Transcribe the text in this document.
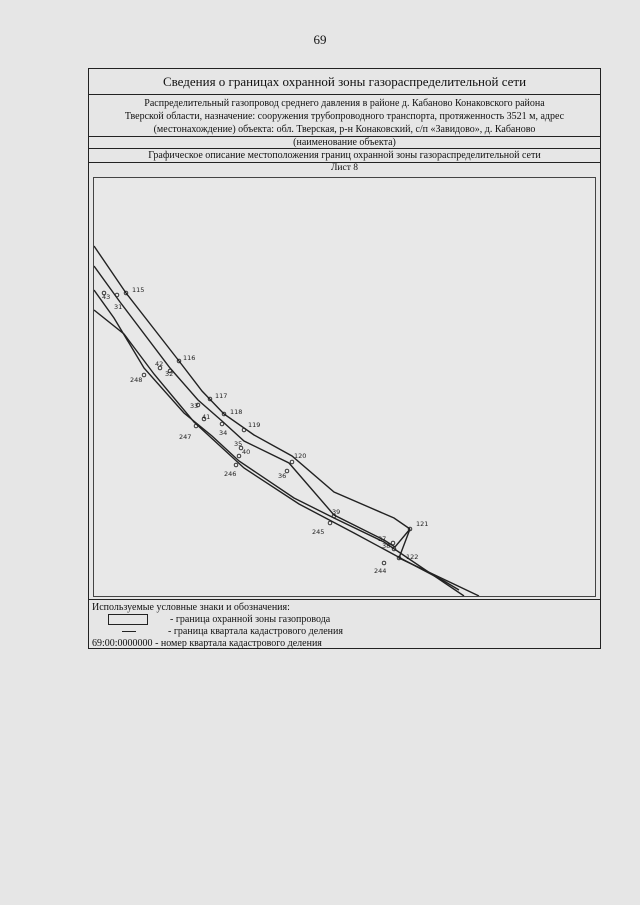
69
Сведения о границах охранной зоны газораспределительной сети
Распределительный газопровод среднего давления в районе д. Кабаново Конаковского района
Тверской области, назначение: сооружения трубопроводного транспорта, протяженность 3521 м, адрес
(местонахождение) объекта: обл. Тверская, р-н Конаковский, с/п «Завидово», д. Кабаново
(наименование объекта)
Графическое описание местоположения границ охранной зоны газораспределительной сети
Лист 8
115
43
31
116
42
32
248
117
33
118
41
119
34
247
35
40	120
246	36
39
245
121
37
38
122
244
Используемые условные знаки и обозначения:
- граница охранной зоны газопровода
- граница квартала кадастрового деления
69:00:0000000 - номер квартала кадастрового деления
